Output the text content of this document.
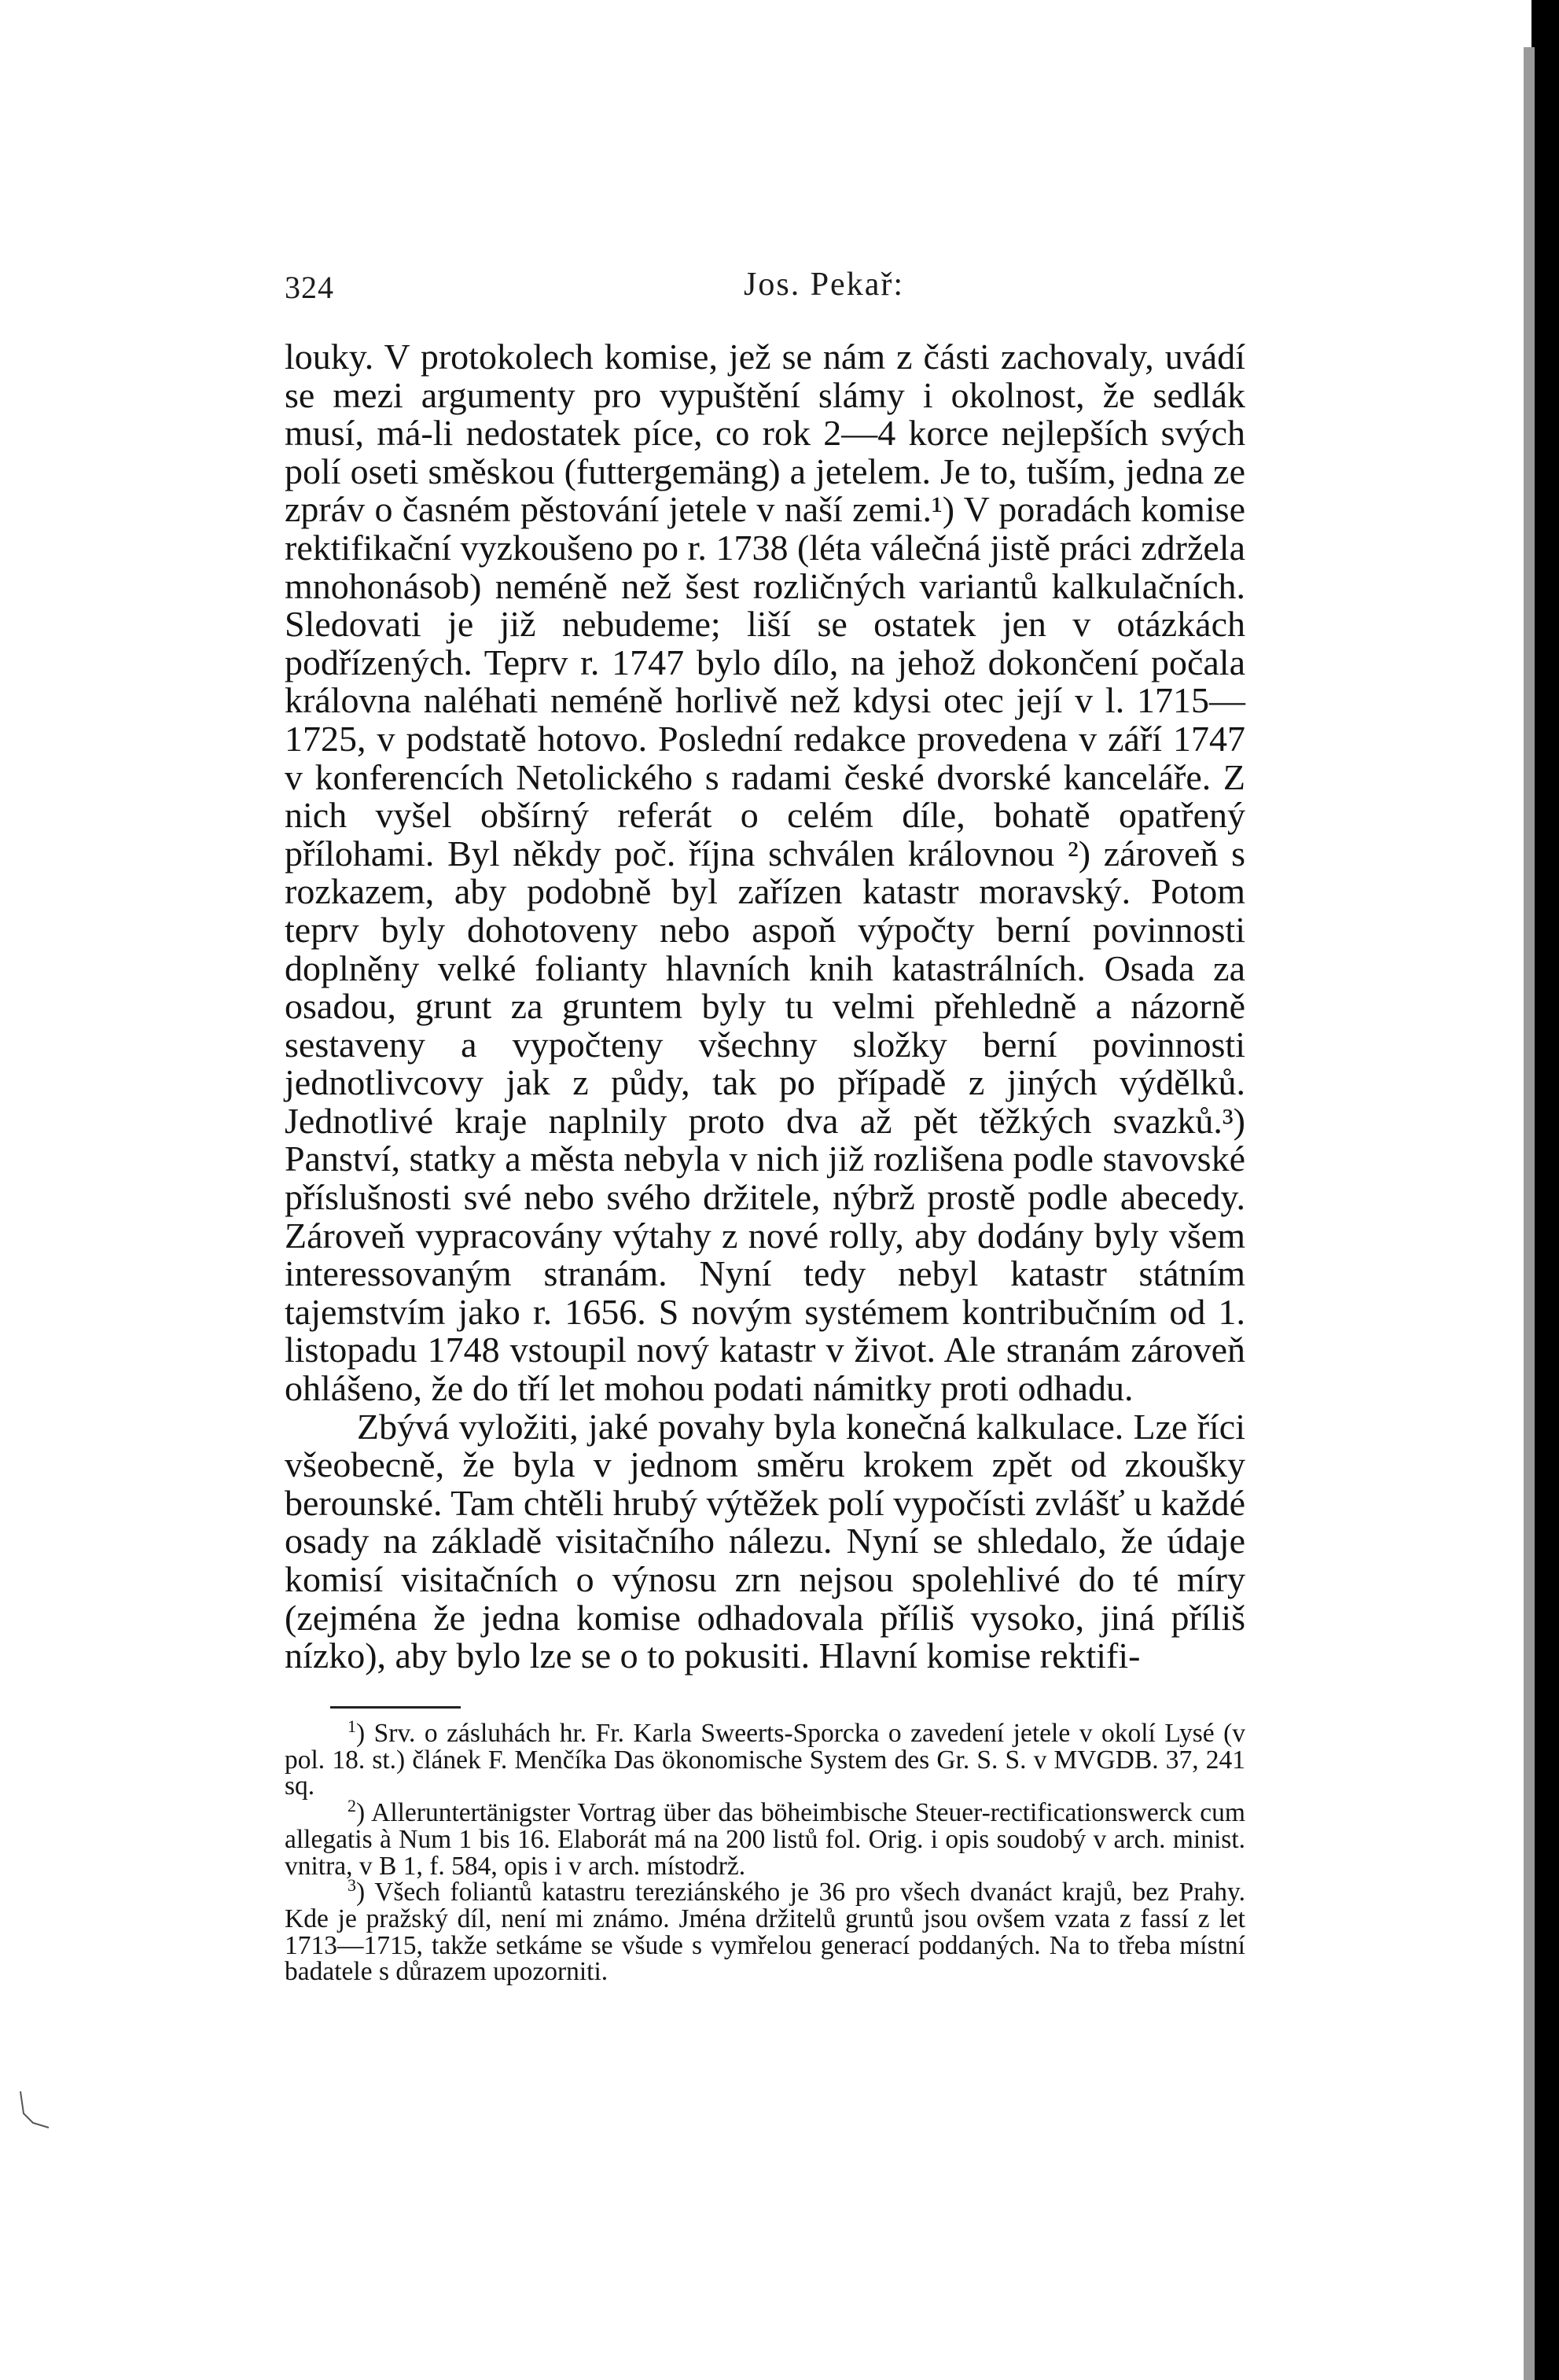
324	Jos. Pekař:

louky. V protokolech komise, jež se nám z části zachovaly, uvádí se mezi argumenty pro vypuštění slámy i okolnost, že sedlák musí, má-li nedostatek píce, co rok 2—4 korce nejlepších svých polí oseti směskou (futtergemäng) a jetelem. Je to, tuším, jedna ze zpráv o časném pěstování jetele v naší zemi.¹) V poradách komise rektifikační vyzkoušeno po r. 1738 (léta válečná jistě práci zdržela mnohonásob) neméně než šest rozličných variantů kalkulačních. Sledovati je již nebudeme; liší se ostatek jen v otázkách podřízených. Teprv r. 1747 bylo dílo, na jehož dokončení počala královna naléhati neméně horlivě než kdysi otec její v l. 1715—1725, v podstatě hotovo. Poslední redakce provedena v září 1747 v konferencích Netolického s radami české dvorské kanceláře. Z nich vyšel obšírný referát o celém díle, bohatě opatřený přílohami. Byl někdy poč. října schválen královnou ²) zároveň s rozkazem, aby podobně byl zařízen katastr moravský. Potom teprv byly dohotoveny nebo aspoň výpočty berní povinnosti doplněny velké folianty hlavních knih katastrálních. Osada za osadou, grunt za gruntem byly tu velmi přehledně a názorně sestaveny a vypočteny všechny složky berní povinnosti jednotlivcovy jak z půdy, tak po případě z jiných výdělků. Jednotlivé kraje naplnily proto dva až pět těžkých svazků.³) Panství, statky a města nebyla v nich již rozlišena podle stavovské příslušnosti své nebo svého držitele, nýbrž prostě podle abecedy. Zároveň vypracovány výtahy z nové rolly, aby dodány byly všem interessovaným stranám. Nyní tedy nebyl katastr státním tajemstvím jako r. 1656. S novým systémem kontribučním od 1. listopadu 1748 vstoupil nový katastr v život. Ale stranám zároveň ohlášeno, že do tří let mohou podati námitky proti odhadu.

Zbývá vyložiti, jaké povahy byla konečná kalkulace. Lze říci všeobecně, že byla v jednom směru krokem zpět od zkoušky berounské. Tam chtěli hrubý výtěžek polí vypočísti zvlášť u každé osady na základě visitačního nálezu. Nyní se shledalo, že údaje komisí visitačních o výnosu zrn nejsou spolehlivé do té míry (zejména že jedna komise odhadovala příliš vysoko, jiná příliš nízko), aby bylo lze se o to pokusiti. Hlavní komise rektifi-

$^1$) Srv. o zásluhách hr. Fr. Karla Sweerts-Sporcka o zavedení jetele v okolí Lysé (v pol. 18. st.) článek F. Menčíka Das ökonomische System des Gr. S. S. v MVGDB. 37, 241 sq.

$^2$) Alleruntertänigster Vortrag über das böheimbische Steuer-rectificationswerck cum allegatis à Num 1 bis 16. Elaborát má na 200 listů fol. Orig. i opis soudobý v arch. minist. vnitra, v B 1, f. 584, opis i v arch. místodrž.

$^3$) Všech foliantů katastru tereziánského je 36 pro všech dvanáct krajů, bez Prahy. Kde je pražský díl, není mi známo. Jména držitelů gruntů jsou ovšem vzata z fassí z let 1713—1715, takže setkáme se všude s vymřelou generací poddaných. Na to třeba místní badatele s důrazem upozorniti.
